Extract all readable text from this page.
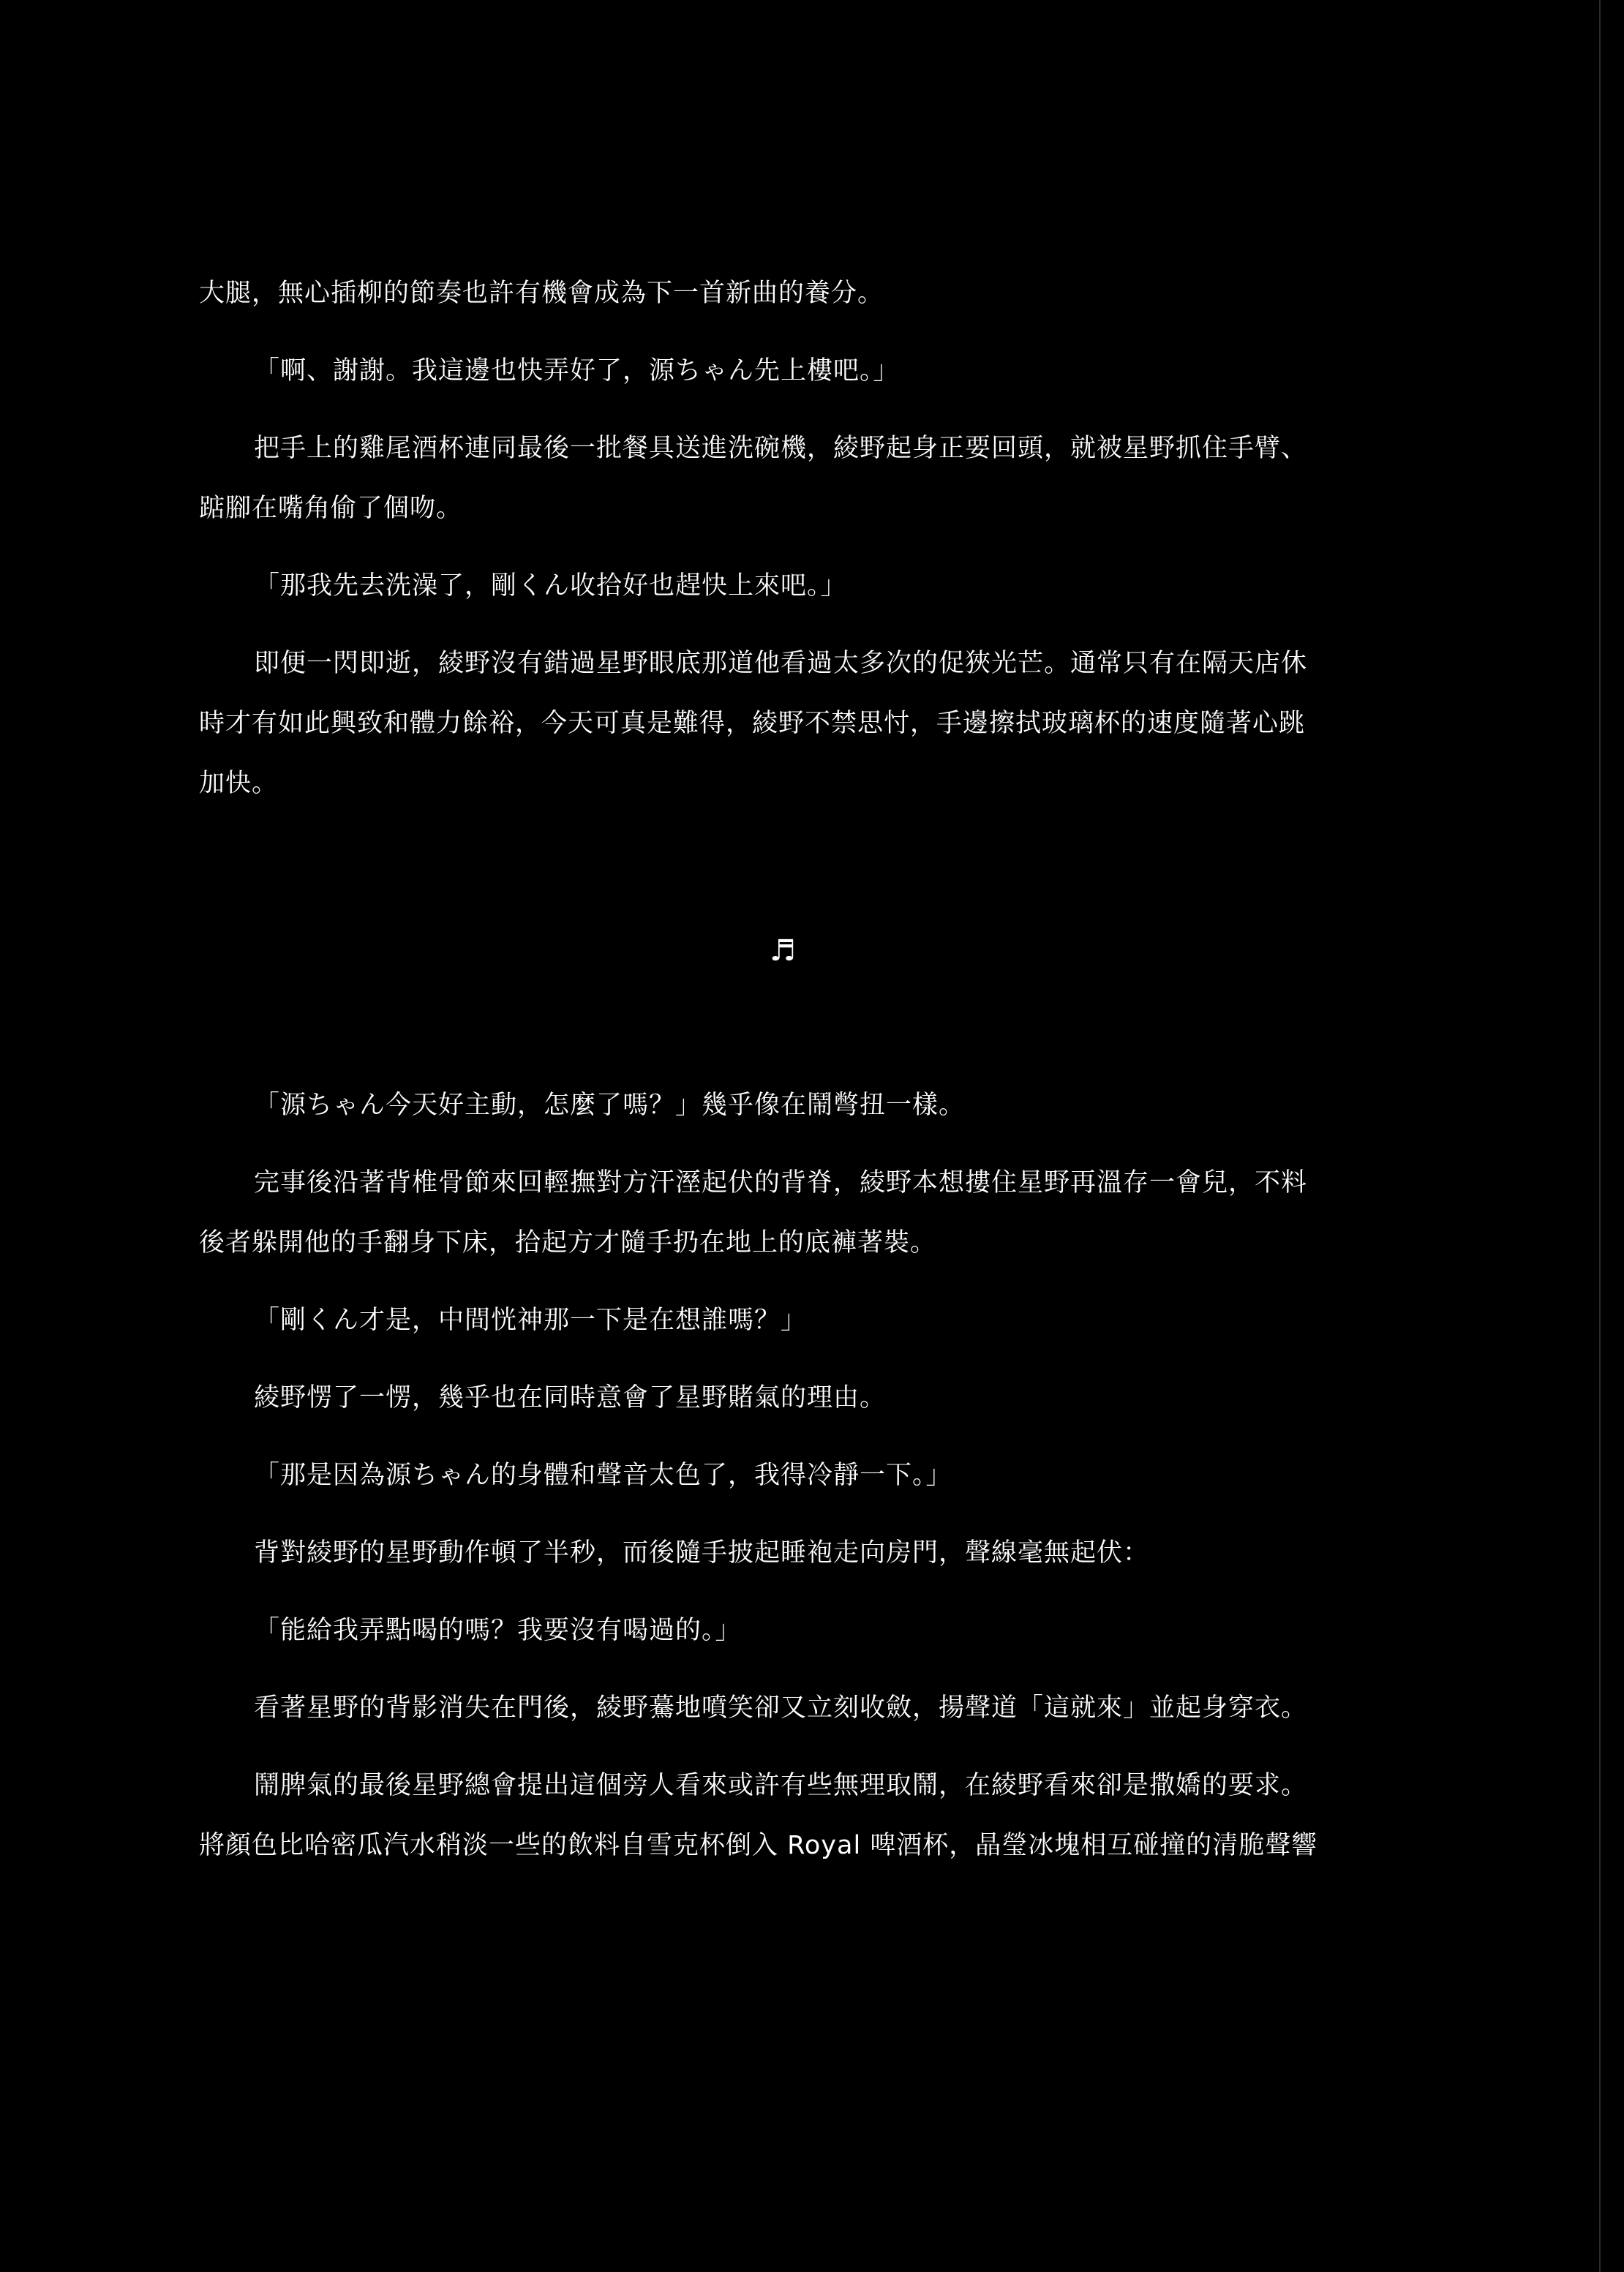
大腿，無心插柳的節奏也許有機會成為下一首新曲的養分。
「啊、謝謝。我這邊也快弄好了，源ちゃん先上樓吧。」
把手上的雞尾酒杯連同最後一批餐具送進洗碗機，綾野起身正要回頭，就被星野抓住手臂、
踮腳在嘴角偷了個吻。
「那我先去洗澡了，剛くん收拾好也趕快上來吧。」
即便一閃即逝，綾野沒有錯過星野眼底那道他看過太多次的促狹光芒。通常只有在隔天店休
時才有如此興致和體力餘裕，今天可真是難得，綾野不禁思忖，手邊擦拭玻璃杯的速度隨著心跳
加快。
「源ちゃん今天好主動，怎麼了嗎？」幾乎像在鬧彆扭一樣。
完事後沿著背椎骨節來回輕撫對方汗溼起伏的背脊，綾野本想摟住星野再溫存一會兒，不料
後者躲開他的手翻身下床，拾起方才隨手扔在地上的底褲著裝。
「剛くん才是，中間恍神那一下是在想誰嗎？」
綾野愣了一愣，幾乎也在同時意會了星野賭氣的理由。
「那是因為源ちゃん的身體和聲音太色了，我得冷靜一下。」
背對綾野的星野動作頓了半秒，而後隨手披起睡袍走向房門，聲線毫無起伏：
「能給我弄點喝的嗎？我要沒有喝過的。」
看著星野的背影消失在門後，綾野驀地噴笑卻又立刻收斂，揚聲道「這就來」並起身穿衣。
鬧脾氣的最後星野總會提出這個旁人看來或許有些無理取鬧，在綾野看來卻是撒嬌的要求。
將顏色比哈密瓜汽水稍淡一些的飲料自雪克杯倒入 Royal 啤酒杯，晶瑩冰塊相互碰撞的清脆聲響
♬
